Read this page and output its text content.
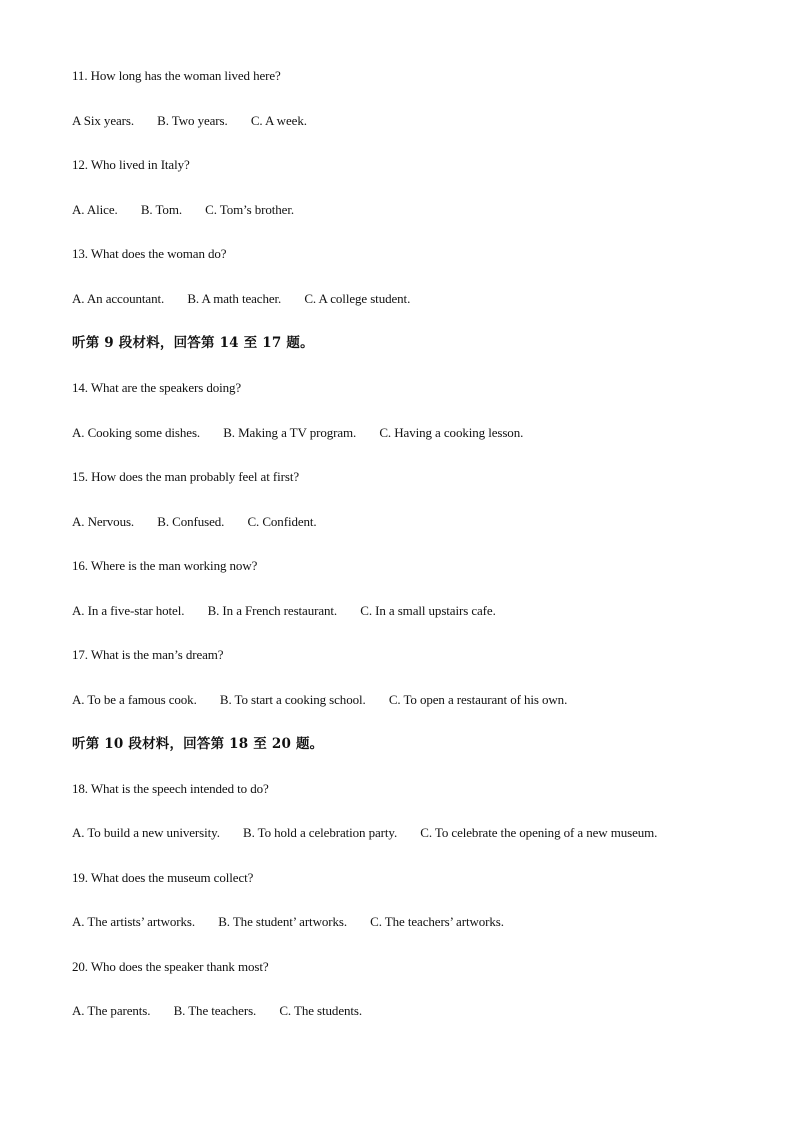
11. How long has the woman lived here?
A Six years. B. Two years. C. A week.
12. Who lived in Italy?
A. Alice. B. Tom. C. Tom’s brother.
13. What does the woman do?
A. An accountant. B. A math teacher. C. A college student.
听第 9 段材料，回答第 14 至 17 题。
14. What are the speakers doing?
A. Cooking some dishes. B. Making a TV program. C. Having a cooking lesson.
15. How does the man probably feel at first?
A. Nervous. B. Confused. C. Confident.
16. Where is the man working now?
A. In a five-star hotel. B. In a French restaurant. C. In a small upstairs cafe.
17. What is the man’s dream?
A. To be a famous cook. B. To start a cooking school. C. To open a restaurant of his own.
听第 10 段材料，回答第 18 至 20 题。
18. What is the speech intended to do?
A. To build a new university. B. To hold a celebration party. C. To celebrate the opening of a new museum.
19. What does the museum collect?
A. The artists’ artworks. B. The student’ artworks. C. The teachers’ artworks.
20. Who does the speaker thank most?
A. The parents. B. The teachers. C. The students.
